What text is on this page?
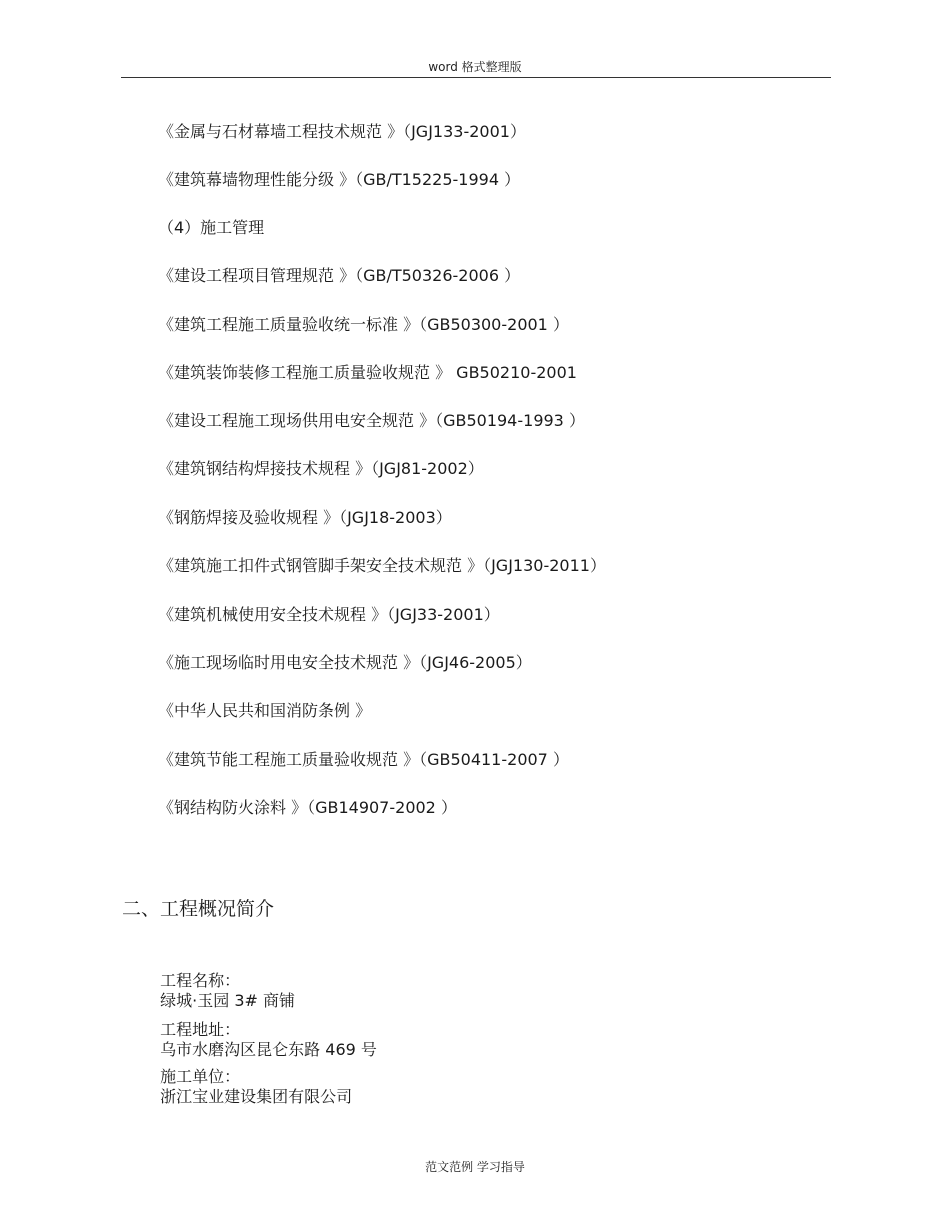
word 格式整理版
《金属与石材幕墙工程技术规范 》（JGJ133-2001）
《建筑幕墙物理性能分级 》（GB/T15225-1994 ）
（4）施工管理
《建设工程项目管理规范 》（GB/T50326-2006 ）
《建筑工程施工质量验收统一标准 》（GB50300-2001 ）
《建筑装饰装修工程施工质量验收规范 》 GB50210-2001
《建设工程施工现场供用电安全规范 》（GB50194-1993 ）
《建筑钢结构焊接技术规程 》（JGJ81-2002）
《钢筋焊接及验收规程 》（JGJ18-2003）
《建筑施工扣件式钢管脚手架安全技术规范 》（JGJ130-2011）
《建筑机械使用安全技术规程 》（JGJ33-2001）
《施工现场临时用电安全技术规范 》（JGJ46-2005）
《中华人民共和国消防条例 》
《建筑节能工程施工质量验收规范 》（GB50411-2007 ）
《钢结构防火涂料 》（GB14907-2002 ）
二、工程概况简介

工程名称：
绿城·玉园 3# 商铺

工程地址：
乌市水磨沟区昆仑东路 469 号

施工单位：
浙江宝业建设集团有限公司

范文范例 学习指导
